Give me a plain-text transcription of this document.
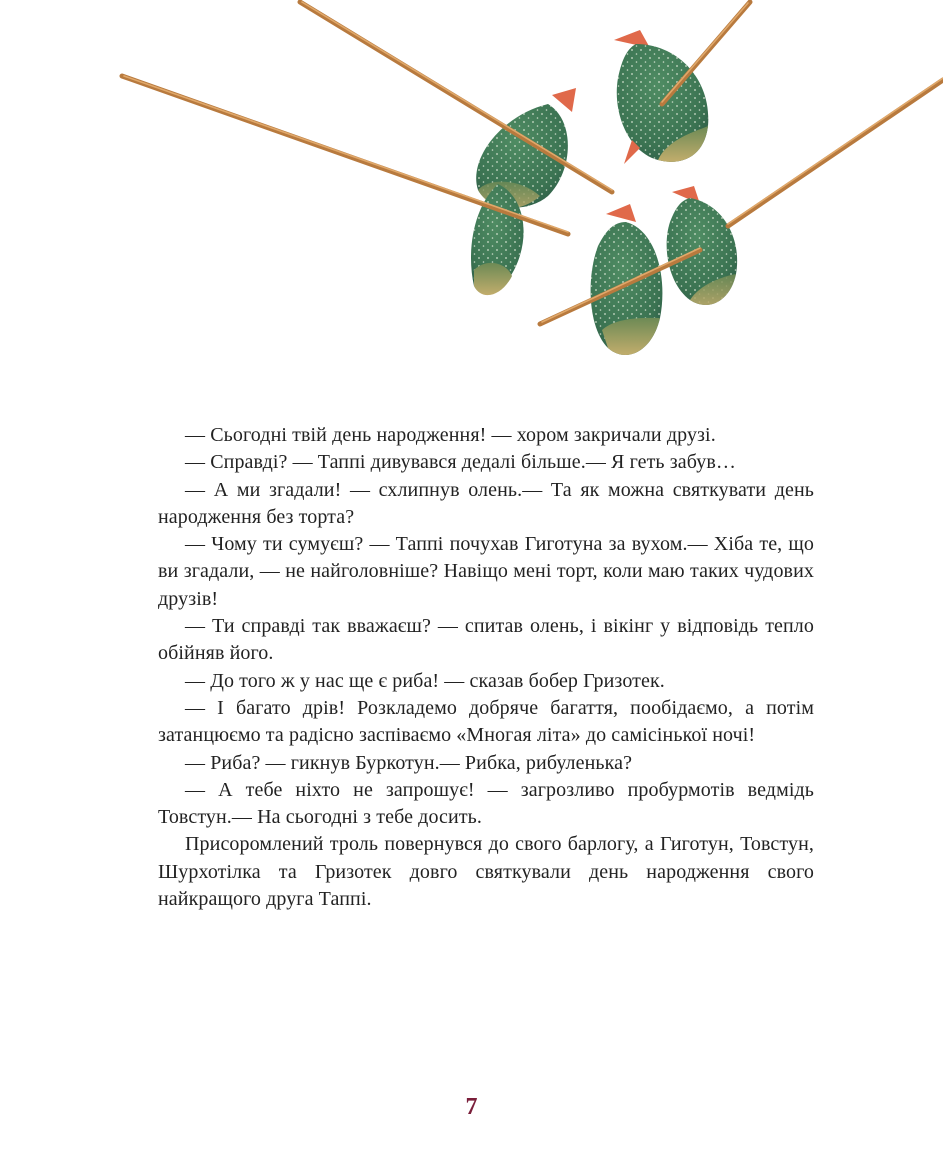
— Сьогодні твій день народження! — хором закричали друзі.

— Справді? — Таппі дивувався дедалі більше.— Я геть забув…

— А ми згадали! — схлипнув олень.— Та як можна святкувати день народження без торта?

— Чому ти сумуєш? — Таппі почухав Гиготуна за вухом.— Хіба те, що ви згадали, — не найголовніше? Навіщо мені торт, коли маю таких чудових друзів!

— Ти справді так вважаєш? — спитав олень, і вікінг у відповідь тепло обійняв його.

— До того ж у нас ще є риба! — сказав бобер Гризотек.

— І багато дрів! Розкладемо добряче багаття, пообідаємо, а потім затанцюємо та радісно заспіваємо «Многая літа» до самісінької ночі!

— Риба? — гикнув Буркотун.— Рибка, рибуленька?

— А тебе ніхто не запрошує! — загрозливо пробурмотів ведмідь Товстун.— На сьогодні з тебе досить.

Присоромлений троль повернувся до свого барлогу, а Гиготун, Товстун, Шурхотілка та Гризотек довго святкували день народження свого найкращого друга Таппі.

7
